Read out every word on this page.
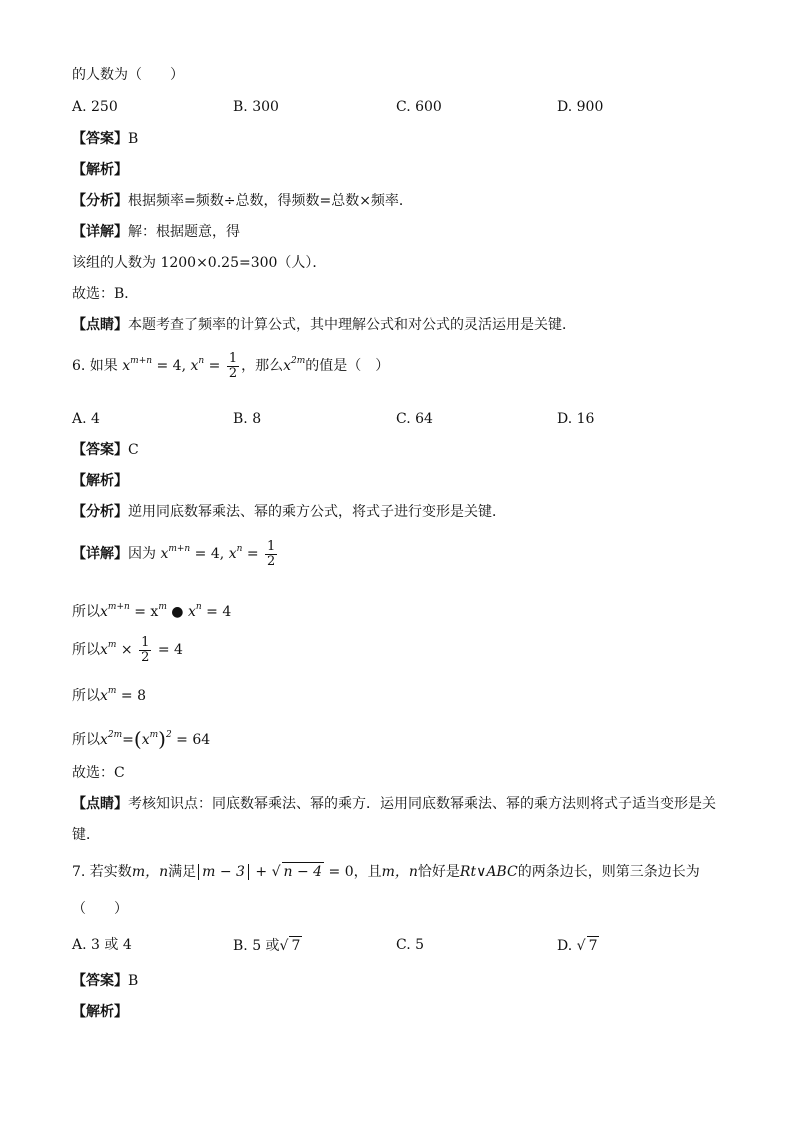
的人数为（　　）
A. 250	B. 300	C. 600	D. 900
【答案】B
【解析】
【分析】根据频率=频数÷总数，得频数=总数×频率．
【详解】解：根据题意，得
该组的人数为 1200×0.25=300（人）．
故选：B．
【点睛】本题考查了频率的计算公式，其中理解公式和对公式的灵活运用是关键．
6. 如果 $x^{m+n} = 4$, $x^n = \frac{1}{2}$ ，那么$x^{2m}$的值是（　）
A. 4	B. 8	C. 64	D. 16
【答案】C
【解析】
【分析】逆用同底数幂乘法、幂的乘方公式，将式子进行变形是关键．
【详解】因为 $x^{m+n} = 4$, $x^n = \frac{1}{2}$
所以$x^{m+n} = x^m$ ● $x^n = 4$
所以$x^m \times \frac{1}{2} = 4$
所以$x^m = 8$
所以$x^{2m}=(x^m)^2 = 64$
故选：C
【点睛】考核知识点：同底数幂乘法、幂的乘方．运用同底数幂乘法、幂的乘方法则将式子适当变形是关
键．
7. 若实数m，n满足 m − 3 + √ n − 4 = 0，且m，n恰好是Rt∨ABC的两条边长，则第三条边长为
（　　）
A. 3 或 4	B. 5 或√ 7	C. 5	D. √ 7
【答案】B
【解析】
